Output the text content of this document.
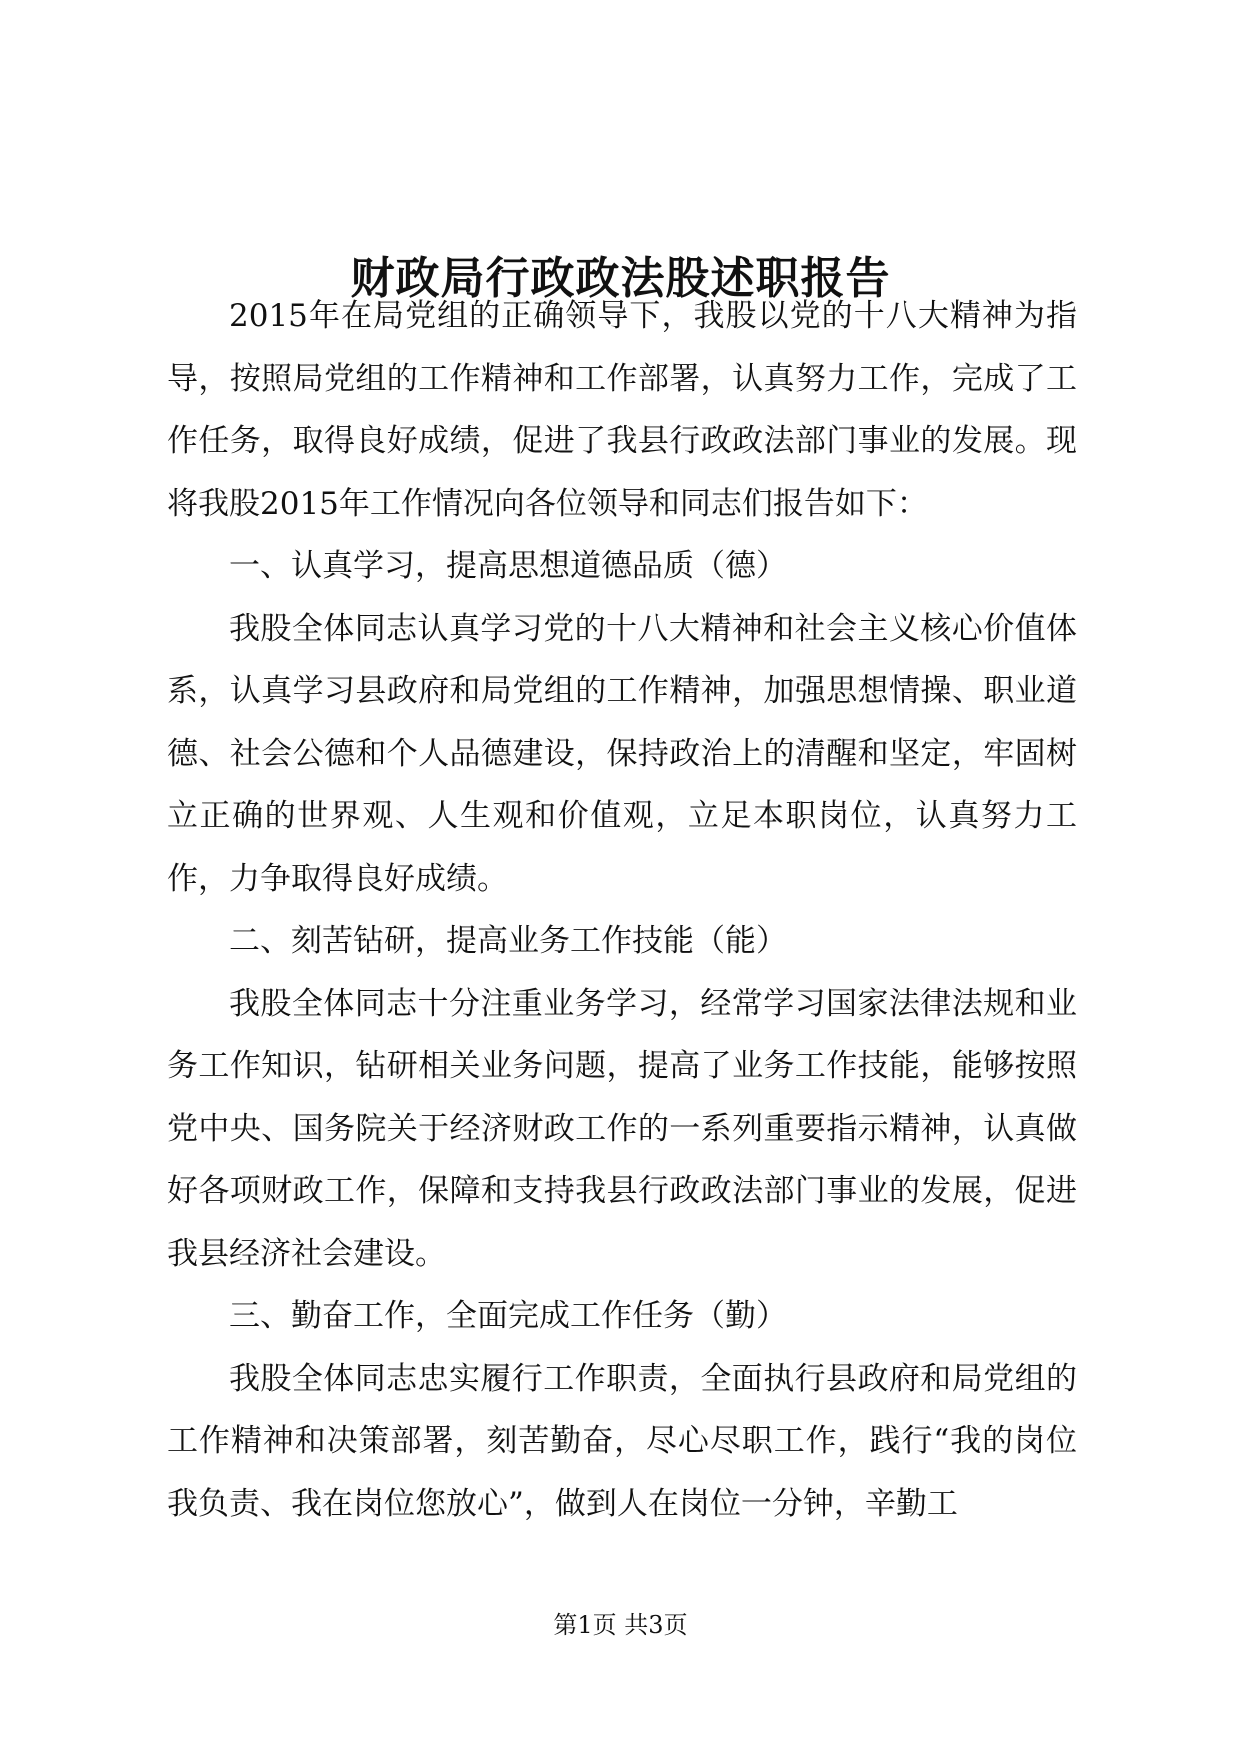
财政局行政政法股述职报告

2015年在局党组的正确领导下，我股以党的十八大精神为指导，按照局党组的工作精神和工作部署，认真努力工作，完成了工作任务，取得良好成绩，促进了我县行政政法部门事业的发展。现将我股2015年工作情况向各位领导和同志们报告如下：

一、认真学习，提高思想道德品质（德）

我股全体同志认真学习党的十八大精神和社会主义核心价值体系，认真学习县政府和局党组的工作精神，加强思想情操、职业道德、社会公德和个人品德建设，保持政治上的清醒和坚定，牢固树立正确的世界观、人生观和价值观，立足本职岗位，认真努力工作，力争取得良好成绩。

二、刻苦钻研，提高业务工作技能（能）

我股全体同志十分注重业务学习，经常学习国家法律法规和业务工作知识，钻研相关业务问题，提高了业务工作技能，能够按照党中央、国务院关于经济财政工作的一系列重要指示精神，认真做好各项财政工作，保障和支持我县行政政法部门事业的发展，促进我县经济社会建设。

三、勤奋工作，全面完成工作任务（勤）

我股全体同志忠实履行工作职责，全面执行县政府和局党组的工作精神和决策部署，刻苦勤奋，尽心尽职工作，践行“我的岗位我负责、我在岗位您放心”，做到人在岗位一分钟，辛勤工

第1页 共3页
